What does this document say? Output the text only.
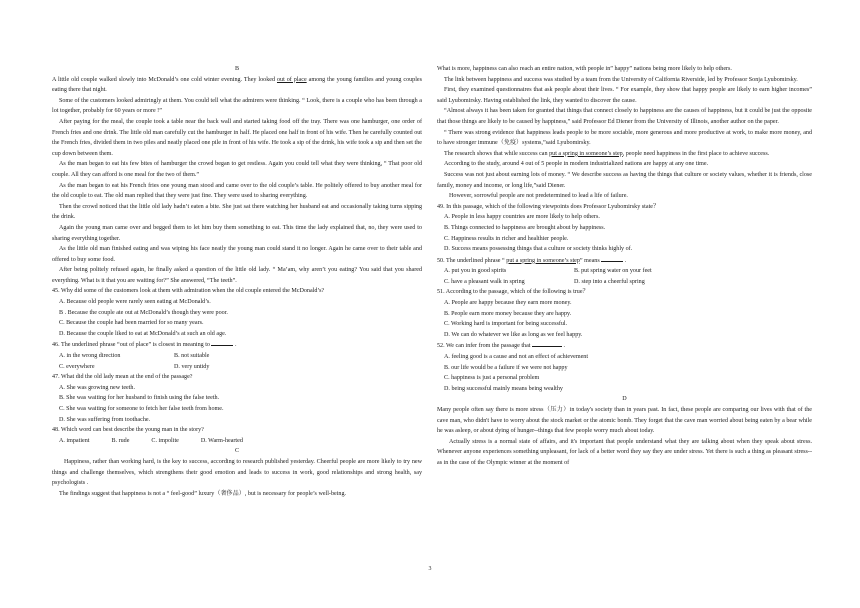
B

A little old couple walked slowly into McDonald’s one cold winter evening. They looked out of place among the young families and young couples eating there that night.

Some of the customers looked admiringly at them. You could tell what the admirers were thinking. “ Look, there is a couple who has been through a lot together, probably for 60 years or more !”

After paying for the meal, the couple took a table near the back wall and started taking food off the tray. There was one hamburger, one order of French fries and one drink. The little old man carefully cut the hamburger in half. He placed one half in front of his wife. Then he carefully counted out the French fries, divided them in two piles and neatly placed one pile in front of his wife. He took a sip of the drink, his wife took a sip and then set the cup down between them.

As the man began to eat his few bites of hamburger the crowd began to get restless. Again you could tell what they were thinking, “ That poor old couple. All they can afford is one meal for the two of them.”

As the man began to eat his French fries one young man stood and came over to the old couple’s table. He politely offered to buy another meal for the old couple to eat. The old man replied that they were just fine. They were used to sharing everything.

Then the crowd noticed that the little old lady hadn’t eaten a bite. She just sat there watching her husband eat and occasionally taking turns sipping the drink.

Again the young man came over and begged them to let him buy them something to eat. This time the lady explained that, no, they were used to sharing everything together.

As the little old man finished eating and was wiping his face neatly the young man could stand it no longer. Again he came over to their table and offered to buy some food.

After being politely refused again, he finally asked a question of the little old lady. “ Ma’am, why aren’t you eating? You said that you shared everything. What is it that you are waiting for?” She answered, “The teeth”.

45. Why did some of the customers look at them with admiration when the old couple entered the McDonald’s?

A. Because old people were rarely seen eating at McDonald’s.

B . Because the couple ate out at McDonald’s though they were poor.

C. Because the couple had been married for so many years.

D. Because the couple liked to eat at McDonald’s at such an old age.

46. The underlined phrase “out of place” is closest in meaning to	.

A. in the wrong direction	B. not suitable
C. everywhere	D. very untidy

47. What did the old lady mean at the end of the passage?

A. She was growing new teeth.

B. She was waiting for her husband to finish using the false teeth.

C. She was waiting for someone to fetch her false teeth from home.

D. She was suffering from toothache.

48. Which word can best describe the young man in the story?

A. impatient	B. rude	C. impolite	D. Warm-hearted
C

Happiness, rather than working hard, is the key to success, according to research published yesterday. Cheerful people are more likely to try new things and challenge themselves, which strengthens their good emotion and leads to success in work, good relationships and strong health, say psychologists .

The findings suggest that happiness is not a “ feel-good” luxury（奢侈品）, but is necessary for people’s well-being.

What is more, happiness can also reach an entire nation, with people in” happy” nations being more likely to help others.

The link between happiness and success was studied by a team from the University of California Riverside, led by Professor Sonja Lyubomirsky.

First, they examined questionnaires that ask people about their lives. “ For example, they show that happy people are likely to earn higher incomes” said Lyubomirsky. Having established the link, they wanted to discover the cause.

“Almost always it has been taken for granted that things that connect closely to happiness are the causes of happiness, but it could be just the opposite that those things are likely to be caused by happiness,” said Professor Ed Diener from the University of Illinois, another author on the paper.

“ There was strong evidence that happiness leads people to be more sociable, more generous and more productive at work, to make more money, and to have stronger immune（免疫）systems,”said Lyubomirsky.

The research shows that while success can put a spring in someone’s step, people need happiness in the first place to achieve success.

According to the study, around 4 out of 5 people in modern industrialized nations are happy at any one time.

Success was not just about earning lots of money. “ We describe success as having the things that culture or society values, whether it is friends, close family, money and income, or long life,”said Diener.

However, sorrowful people are not predetermined to lead a life of failure.

49. In this passage, which of the following viewpoints does Professor Lyubomirsky state？

A. People in less happy countries are more likely to help others.

B. Things connected to happiness are brought about by happiness.

C. Happiness results in richer and healthier people.

D. Success means possessing things that a culture or society thinks highly of.

50. The underlined phrase “ put a spring in someone’s step” means	.

A. put you in good spirits	B. put spring water on your feet
C. have a pleasant walk in spring	D. step into a cheerful spring

51. According to the passage, which of the following is true？

A. People are happy because they earn more money.

B. People earn more money because they are happy.

C. Working hard is important for being successful.

D. We can do whatever we like as long as we feel happy.

52. We can infer from the passage that	.

A. feeling good is a cause and not an effect of achievement

B. our life would be a failure if we were not happy

C. happiness is just a personal problem

D. being successful mainly means being wealthy

D

Many people often say there is more stress（压力）in today's society than in years past. In fact, these people are comparing our lives with that of the cave man, who didn't have to worry about the stock market or the atomic bomb. They forget that the cave man worried about being eaten by a bear while he was asleep, or about dying of hunger--things that few people worry much about today.

Actually stress is a normal state of affairs, and it's important that people understand what they are talking about when they speak about stress. Whenever anyone experiences something unpleasant, for lack of a better word they say they are under stress. Yet there is such a thing as pleasant stress--as in the case of the Olympic winner at the moment of

3
